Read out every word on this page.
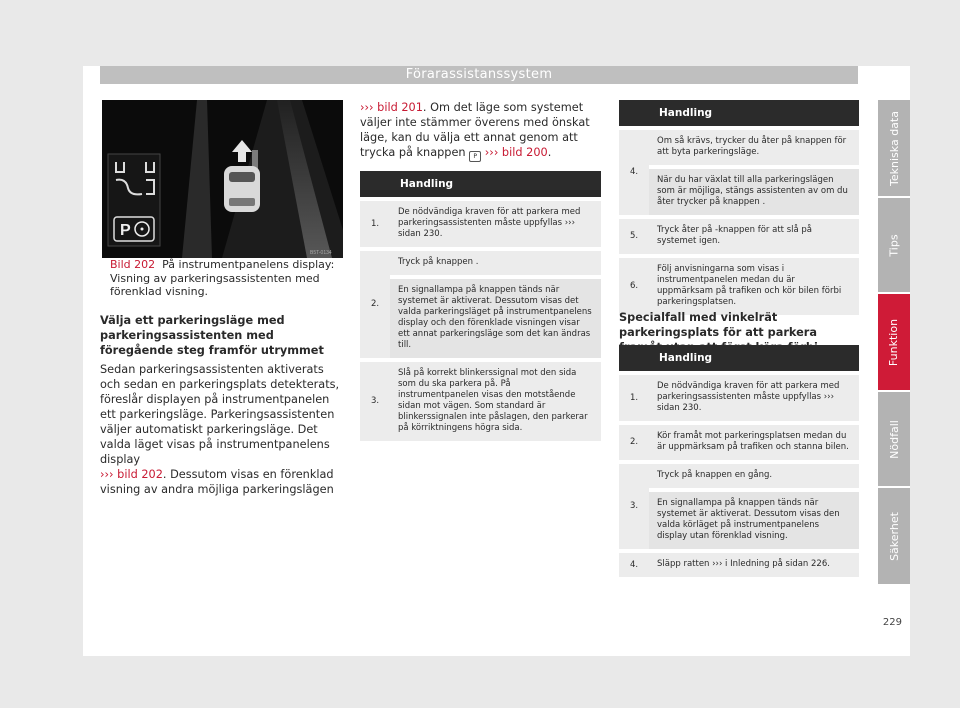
Förarassistanssystem
Tekniska data
Tips
Funktion
Nödfall
Säkerhet
P
B5T-0134
Bild 202 På instrumentpanelens display: Visning av parkeringsassistenten med förenklad visning.
Välja ett parkeringsläge med parkeringsassistenten med föregående steg framför utrymmet

Sedan parkeringsassistenten aktiverats och sedan en parkeringsplats detekterats, föreslår displayen på instrumentpanelen ett parkeringsläge. Parkeringsassistenten väljer automatiskt parkeringsläge. Det valda läget visas på instrumentpanelens display
››› bild 202. Dessutom visas en förenklad visning av andra möjliga parkeringslägen

››› bild 201. Om det läge som systemet väljer inte stämmer överens med önskat läge, kan du välja ett annat genom att trycka på knappen P ››› bild 200.

	Handling

1.	De nödvändiga kraven för att parkera med parkeringsassistenten måste uppfyllas ››› sidan 230.

2.	Tryck på knappen .

	En signallampa på knappen tänds när systemet är aktiverat. Dessutom visas det valda parkeringsläget på instrumentpanelens display och den förenklade visningen visar ett annat parkeringsläge som det kan ändras till.

3.	Slå på korrekt blinkerssignal mot den sida som du ska parkera på. På instrumentpanelen visas den motstående sidan mot vägen. Som standard är blinkerssignalen inte påslagen, den parkerar på körriktningens högra sida.
	Handling

4.	Om så krävs, trycker du åter på knappen för att byta parkeringsläge.

	När du har växlat till alla parkeringslägen som är möjliga, stängs assistenten av om du åter trycker på knappen .

5.	Tryck åter på -knappen för att slå på systemet igen.

6.	Följ anvisningarna som visas i instrumentpanelen medan du är uppmärksam på trafiken och kör bilen förbi parkeringsplatsen.
Specialfall med vinkelrät parkeringsplats för att parkera
	Handling

1.	De nödvändiga kraven för att parkera med parkeringsassistenten måste uppfyllas ››› sidan 230.

2.	Kör framåt mot parkeringsplatsen medan du är uppmärksam på trafiken och stanna bilen.

3.	Tryck på knappen en gång.

	En signallampa på knappen tänds när systemet är aktiverat. Dessutom visas den valda körläget på instrumentpanelens display utan förenklad visning.

4.	Släpp ratten ››› i Inledning på sidan 226.
229
